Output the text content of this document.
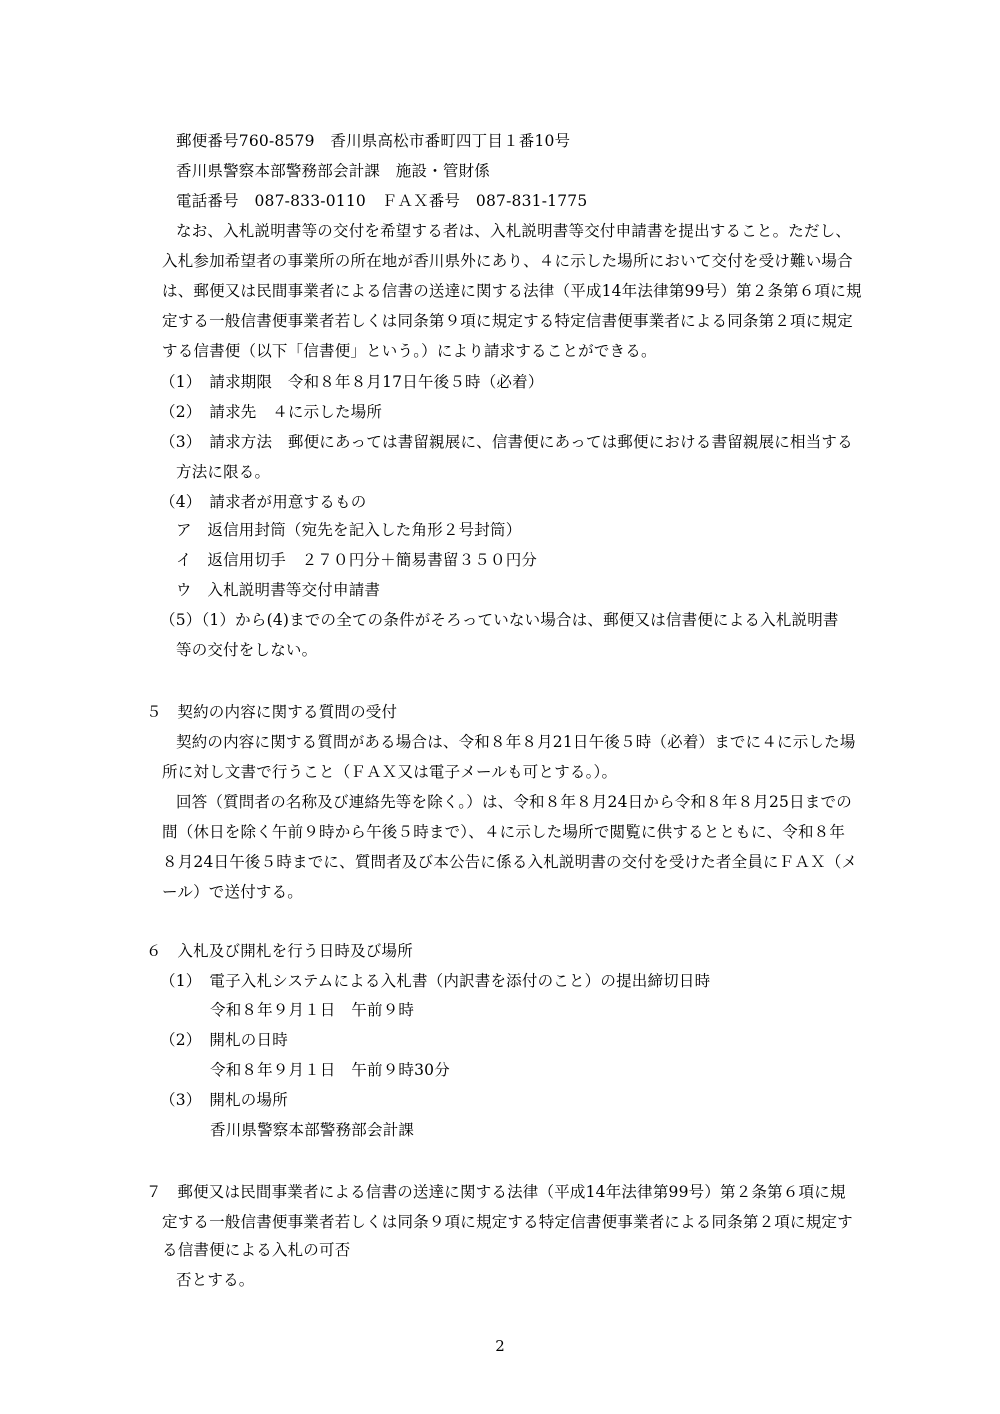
郵便番号760-8579　香川県高松市番町四丁目１番10号
香川県警察本部警務部会計課　施設・管財係
電話番号　087-833-0110　ＦＡＸ番号　087-831-1775
なお、入札説明書等の交付を希望する者は、入札説明書等交付申請書を提出すること。ただし、
入札参加希望者の事業所の所在地が香川県外にあり、４に示した場所において交付を受け難い場合
は、郵便又は民間事業者による信書の送達に関する法律（平成14年法律第99号）第２条第６項に規
定する一般信書便事業者若しくは同条第９項に規定する特定信書便事業者による同条第２項に規定
する信書便（以下「信書便」という。）により請求することができる。
（1）　請求期限　令和８年８月17日午後５時（必着）
（2）　請求先　４に示した場所
（3）　請求方法　郵便にあっては書留親展に、信書便にあっては郵便における書留親展に相当する
方法に限る。
（4）　請求者が用意するもの
ア　返信用封筒（宛先を記入した角形２号封筒）
イ　返信用切手　２７０円分＋簡易書留３５０円分
ウ　入札説明書等交付申請書
（5）（1）から(4)までの全ての条件がそろっていない場合は、郵便又は信書便による入札説明書
等の交付をしない。
５　契約の内容に関する質問の受付
契約の内容に関する質問がある場合は、令和８年８月21日午後５時（必着）までに４に示した場
所に対し文書で行うこと（ＦＡＸ又は電子メールも可とする。）。
回答（質問者の名称及び連絡先等を除く。）は、令和８年８月24日から令和８年８月25日までの
間（休日を除く午前９時から午後５時まで）、４に示した場所で閲覧に供するとともに、令和８年
８月24日午後５時までに、質問者及び本公告に係る入札説明書の交付を受けた者全員にＦＡＸ（メ
ール）で送付する。
６　入札及び開札を行う日時及び場所
（1）　電子入札システムによる入札書（内訳書を添付のこと）の提出締切日時
令和８年９月１日　午前９時
（2）　開札の日時
令和８年９月１日　午前９時30分
（3）　開札の場所
香川県警察本部警務部会計課
７　郵便又は民間事業者による信書の送達に関する法律（平成14年法律第99号）第２条第６項に規
定する一般信書便事業者若しくは同条９項に規定する特定信書便事業者による同条第２項に規定す
る信書便による入札の可否
否とする。
2
